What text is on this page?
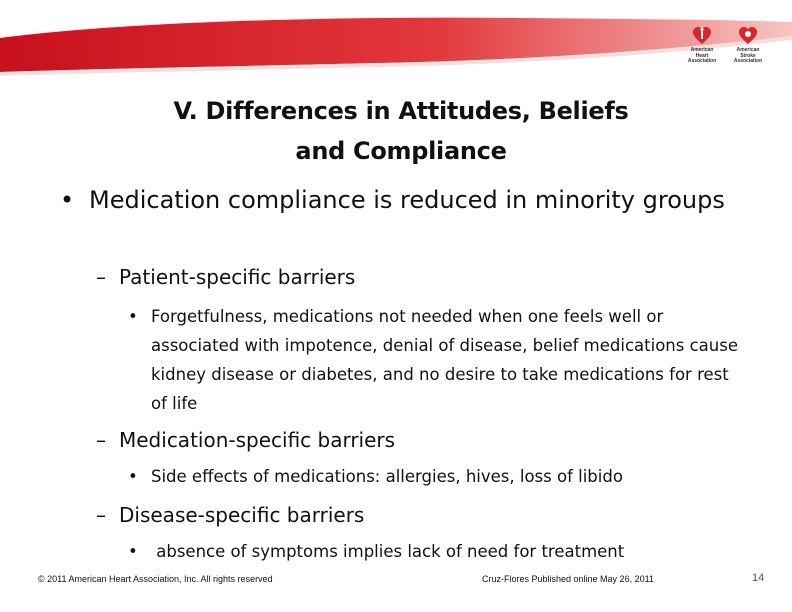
American
Heart
Association
American
Stroke
Association
V. Differences in Attitudes, Beliefs
and Compliance
• Medication compliance is reduced in minority groups
– Patient-specific barriers
• Forgetfulness, medications not needed when one feels well or associated with impotence, denial of disease, belief medications cause kidney disease or diabetes, and no desire to take medications for rest of life
– Medication-specific barriers
• Side effects of medications: allergies, hives, loss of libido
– Disease-specific barriers
• absence of symptoms implies lack of need for treatment
© 2011 American Heart Association, Inc. All rights reserved	Cruz-Flores Published online May 26, 2011	14
